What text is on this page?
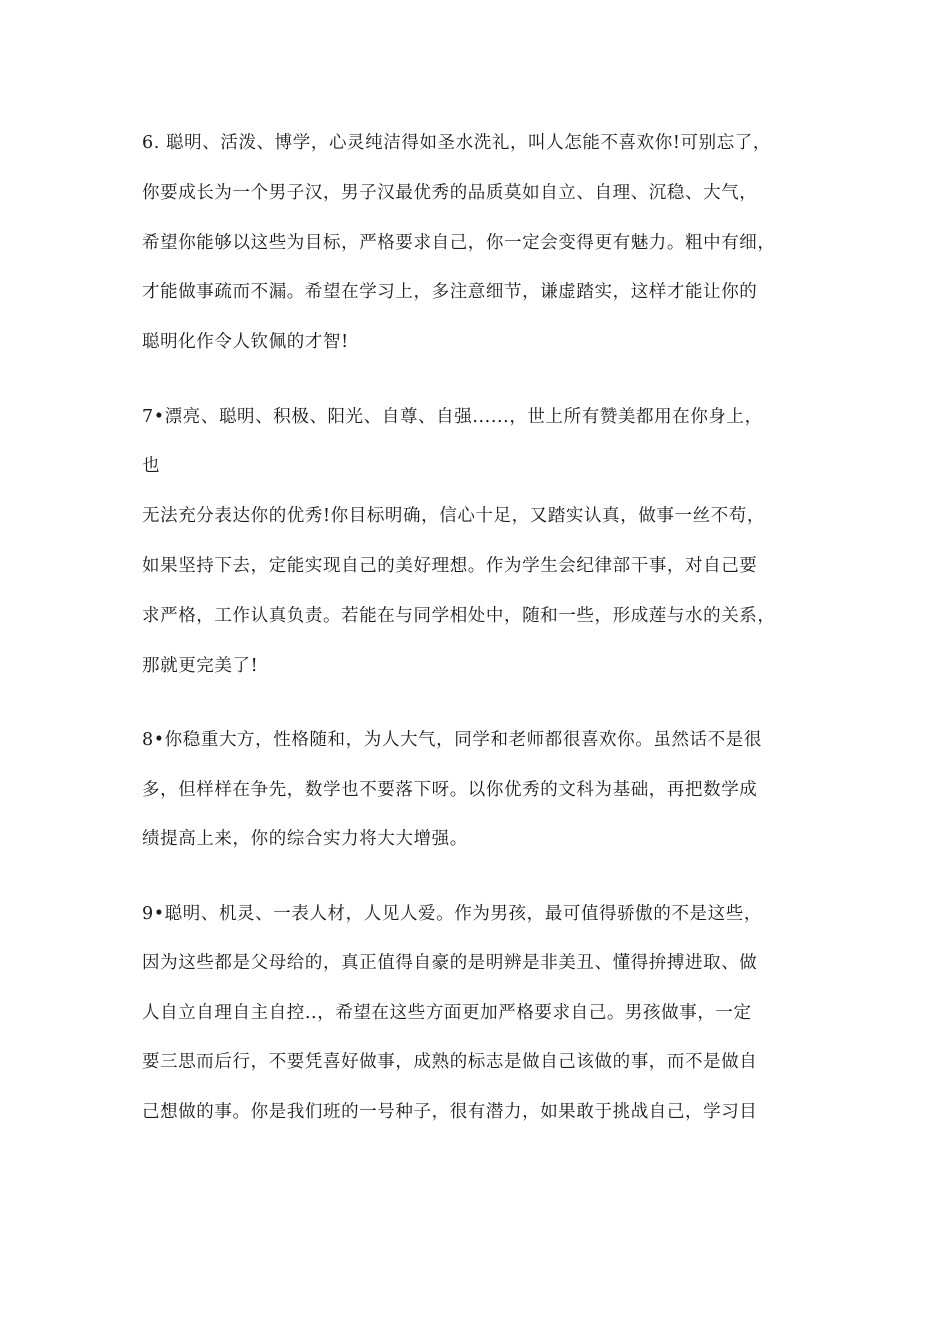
6. 聪明、活泼、博学，心灵纯洁得如圣水洗礼，叫人怎能不喜欢你!可别忘了，
你要成长为一个男子汉，男子汉最优秀的品质莫如自立、自理、沉稳、大气，
希望你能够以这些为目标，严格要求自己，你一定会变得更有魅力。粗中有细，
才能做事疏而不漏。希望在学习上，多注意细节，谦虚踏实，这样才能让你的
聪明化作令人钦佩的才智!
7•漂亮、聪明、积极、阳光、自尊、自强......，世上所有赞美都用在你身上，
也
无法充分表达你的优秀!你目标明确，信心十足，又踏实认真，做事一丝不苟，
如果坚持下去，定能实现自己的美好理想。作为学生会纪律部干事，对自己要
求严格，工作认真负责。若能在与同学相处中，随和一些，形成莲与水的关系，
那就更完美了!
8•你稳重大方，性格随和，为人大气，同学和老师都很喜欢你。虽然话不是很
多，但样样在争先，数学也不要落下呀。以你优秀的文科为基础，再把数学成
绩提高上来，你的综合实力将大大增强。
9•聪明、机灵、一表人材，人见人爱。作为男孩，最可值得骄傲的不是这些，
因为这些都是父母给的，真正值得自豪的是明辨是非美丑、懂得拚搏进取、做
人自立自理自主自控..，希望在这些方面更加严格要求自己。男孩做事，一定
要三思而后行，不要凭喜好做事，成熟的标志是做自己该做的事，而不是做自
己想做的事。你是我们班的一号种子，很有潜力，如果敢于挑战自己，学习目
